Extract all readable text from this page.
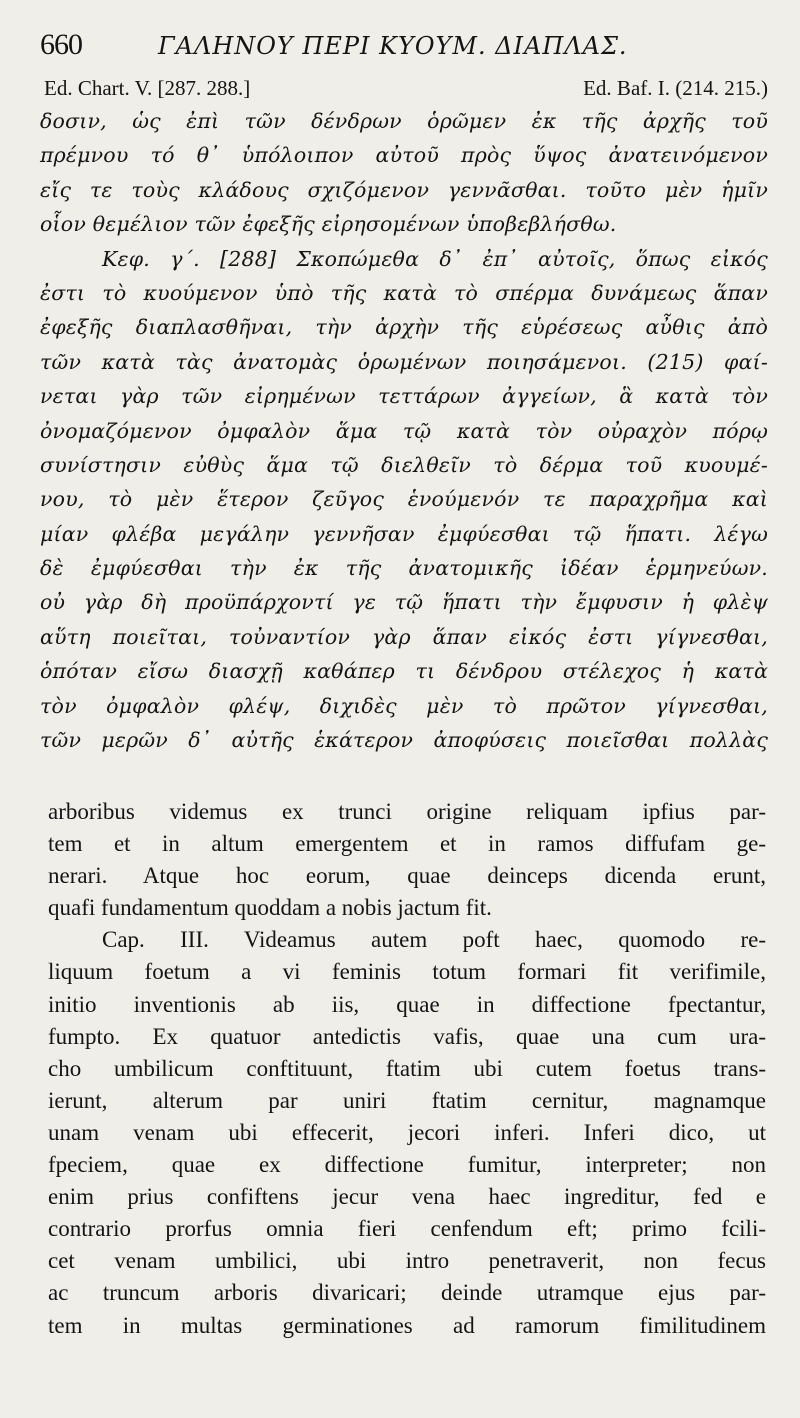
660	ΓΑΛΗΝΟΥ ΠΕΡΙ ΚΥΟΥΜ. ΔΙΑΠΛΑΣ.
Ed. Chart. V. [287. 288.]	Ed. Baf. I. (214. 215.)
δοσιν, ὡς ἐπὶ τῶν δένδρων ὁρῶμεν ἐκ τῆς ἀρχῆς τοῦ
πρέμνου τό θ᾽ ὑπόλοιπον αὐτοῦ πρὸς ὕψος ἀνατεινόμενον
εἴς τε τοὺς κλάδους σχιζόμενον γεννᾶσθαι. τοῦτο μὲν ἡμῖν
οἷον θεμέλιον τῶν ἐφεξῆς εἰρησομένων ὑποβεβλήσθω.
Κεφ. γ΄. [288] Σκοπώμεθα δ᾽ ἐπ᾽ αὐτοῖς, ὅπως εἰκός
ἐστι τὸ κυούμενον ὑπὸ τῆς κατὰ τὸ σπέρμα δυνάμεως ἅπαν
ἐφεξῆς διαπλασθῆναι, τὴν ἀρχὴν τῆς εὑρέσεως αὖθις ἀπὸ
τῶν κατὰ τὰς ἀνατομὰς ὁρωμένων ποιησάμενοι. (215) φαί-
νεται γὰρ τῶν εἰρημένων τεττάρων ἀγγείων, ἃ κατὰ τὸν
ὀνομαζόμενον ὀμφαλὸν ἅμα τῷ κατὰ τὸν οὐραχὸν πόρῳ
συνίστησιν εὐθὺς ἅμα τῷ διελθεῖν τὸ δέρμα τοῦ κυουμέ-
νου, τὸ μὲν ἕτερον ζεῦγος ἑνούμενόν τε παραχρῆμα καὶ
μίαν φλέβα μεγάλην γεννῆσαν ἐμφύεσθαι τῷ ἥπατι. λέγω
δὲ ἐμφύεσθαι τὴν ἐκ τῆς ἀνατομικῆς ἰδέαν ἑρμηνεύων.
οὐ γὰρ δὴ προϋπάρχοντί γε τῷ ἥπατι τὴν ἔμφυσιν ἡ φλὲψ
αὕτη ποιεῖται, τοὐναντίον γὰρ ἅπαν εἰκός ἐστι γίγνεσθαι,
ὁπόταν εἴσω διασχῇ καθάπερ τι δένδρου στέλεχος ἡ κατὰ
τὸν ὀμφαλὸν φλέψ, διχιδὲς μὲν τὸ πρῶτον γίγνεσθαι,
τῶν μερῶν δ᾽ αὐτῆς ἑκάτερον ἀποφύσεις ποιεῖσθαι πολλὰς
arboribus videmus ex trunci origine reliquam ipfius par-
tem et in altum emergentem et in ramos diffufam ge-
nerari. Atque hoc eorum, quae deinceps dicenda erunt,
quafi fundamentum quoddam a nobis jactum fit.
Cap. III. Videamus autem poft haec, quomodo re-
liquum foetum a vi feminis totum formari fit verifimile,
initio inventionis ab iis, quae in diffectione fpectantur,
fumpto. Ex quatuor antedictis vafis, quae una cum ura-
cho umbilicum conftituunt, ftatim ubi cutem foetus trans-
ierunt, alterum par uniri ftatim cernitur, magnamque
unam venam ubi effecerit, jecori inferi. Inferi dico, ut
fpeciem, quae ex diffectione fumitur, interpreter; non
enim prius confiftens jecur vena haec ingreditur, fed e
contrario prorfus omnia fieri cenfendum eft; primo fcili-
cet venam umbilici, ubi intro penetraverit, non fecus
ac truncum arboris divaricari; deinde utramque ejus par-
tem in multas germinationes ad ramorum fimilitudinem
